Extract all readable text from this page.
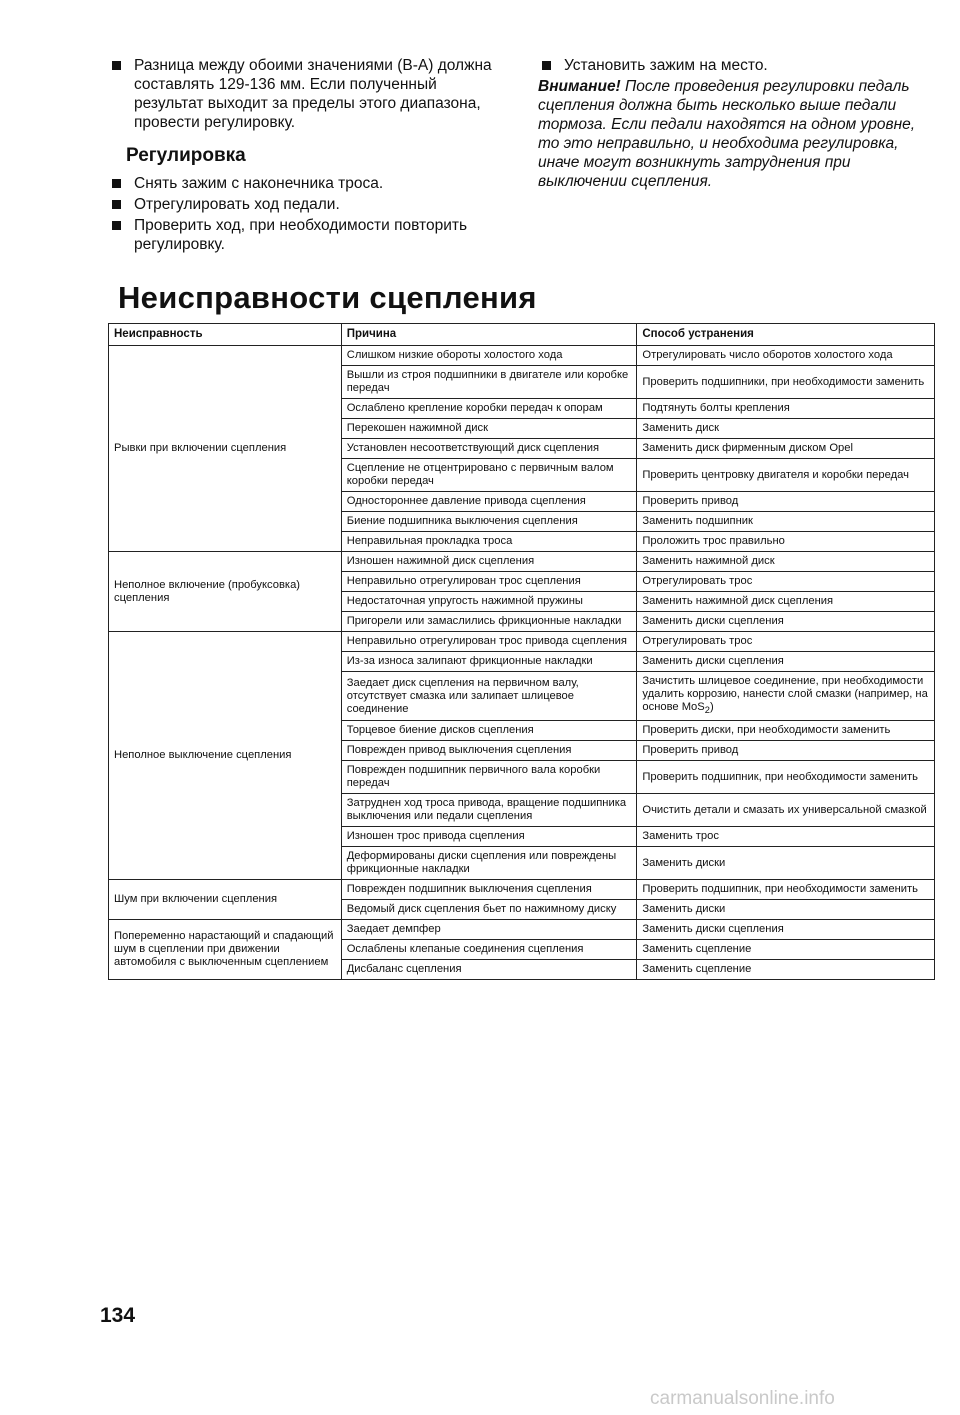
Разница между обоими значениями (В-А) должна составлять 129-136 мм. Если полученный результат выходит за пределы этого диапазона, провести регулировку.
Регулировка
Снять зажим с наконечника троса.
Отрегулировать ход педали.
Проверить ход, при необходимости повторить регулировку.
Установить зажим на место.
Внимание! После проведения регулировки педаль сцепления должна быть несколько выше педали тормоза. Если педали находятся на одном уровне, то это неправильно, и необходима регулировка, иначе могут возникнуть затруднения при выключении сцепления.
Неисправности сцепления
Неисправность	Причина	Способ устранения
Рывки при включении сцепления	Слишком низкие обороты холостого хода	Отрегулировать число оборотов холостого хода
	Вышли из строя подшипники в двигателе или коробке передач	Проверить подшипники, при необходимости заменить
	Ослаблено крепление коробки передач к опорам	Подтянуть болты крепления
	Перекошен нажимной диск	Заменить диск
	Установлен несоответствующий диск сцепления	Заменить диск фирменным диском Opel
	Сцепление не отцентрировано с первичным валом коробки передач	Проверить центровку двигателя и коробки передач
	Одностороннее давление привода сцепления	Проверить привод
	Биение подшипника выключения сцепления	Заменить подшипник
	Неправильная прокладка троса	Проложить трос правильно
Неполное включение (пробуксовка) сцепления	Изношен нажимной диск сцепления	Заменить нажимной диск
	Неправильно отрегулирован трос сцепления	Отрегулировать трос
	Недостаточная упругость нажимной пружины	Заменить нажимной диск сцепления
	Пригорели или замаслились фрикционные накладки	Заменить диски сцепления
Неполное выключение сцепления	Неправильно отрегулирован трос привода сцепления	Отрегулировать трос
	Из-за износа залипают фрикционные накладки	Заменить диски сцепления
	Заедает диск сцепления на первичном валу, отсутствует смазка или залипает шлицевое соединение	Зачистить шлицевое соединение, при необходимости удалить коррозию, нанести слой смазки (например, на основе MoS$_2$)
	Торцевое биение дисков сцепления	Проверить диски, при необходимости заменить
	Поврежден привод выключения сцепления	Проверить привод
	Поврежден подшипник первичного вала коробки передач	Проверить подшипник, при необходимости заменить
	Затруднен ход троса привода, вращение подшипника выключения или педали сцепления	Очистить детали и смазать их универсальной смазкой
	Изношен трос привода сцепления	Заменить трос
	Деформированы диски сцепления или повреждены фрикционные накладки	Заменить диски
Шум при включении сцепления	Поврежден подшипник выключения сцепления	Проверить подшипник, при необходимости заменить
	Ведомый диск сцепления бьет по нажимному диску	Заменить диски
Попеременно нарастающий и спадающий шум в сцеплении при движении автомобиля с выключенным сцеплением	Заедает демпфер	Заменить диски сцепления
	Ослаблены клепаные соединения сцепления	Заменить сцепление
	Дисбаланс сцепления	Заменить сцепление
134
carmanualsonline.info
